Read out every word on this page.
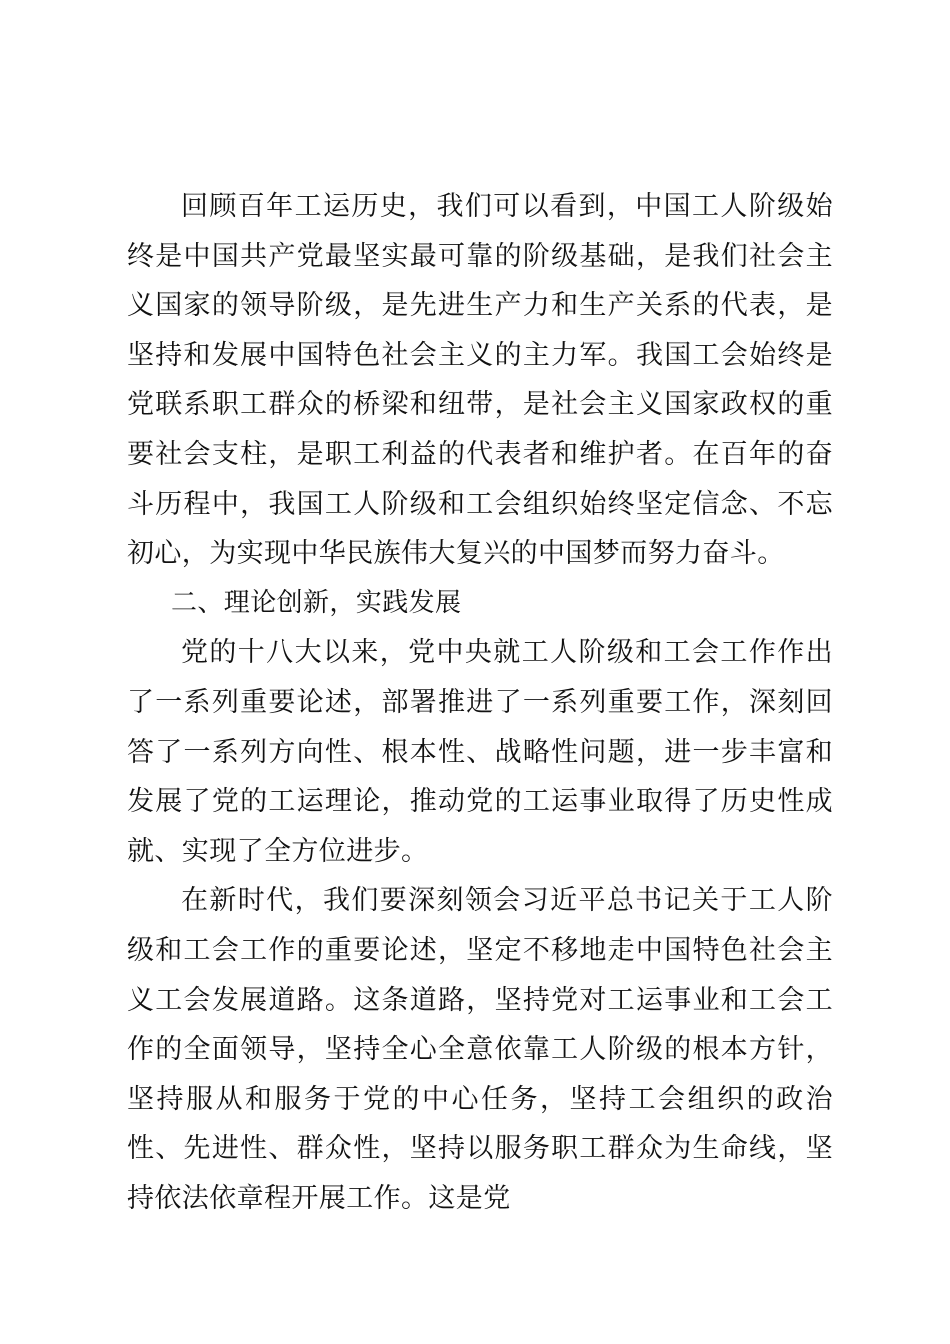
回顾百年工运历史，我们可以看到，中国工人阶级始终是中国共产党最坚实最可靠的阶级基础，是我们社会主义国家的领导阶级，是先进生产力和生产关系的代表，是坚持和发展中国特色社会主义的主力军。我国工会始终是党联系职工群众的桥梁和纽带，是社会主义国家政权的重要社会支柱，是职工利益的代表者和维护者。在百年的奋斗历程中，我国工人阶级和工会组织始终坚定信念、不忘初心，为实现中华民族伟大复兴的中国梦而努力奋斗。

二、理论创新，实践发展

党的十八大以来，党中央就工人阶级和工会工作作出了一系列重要论述，部署推进了一系列重要工作，深刻回答了一系列方向性、根本性、战略性问题，进一步丰富和发展了党的工运理论，推动党的工运事业取得了历史性成就、实现了全方位进步。

在新时代，我们要深刻领会习近平总书记关于工人阶级和工会工作的重要论述，坚定不移地走中国特色社会主义工会发展道路。这条道路，坚持党对工运事业和工会工作的全面领导，坚持全心全意依靠工人阶级的根本方针，坚持服从和服务于党的中心任务，坚持工会组织的政治性、先进性、群众性，坚持以服务职工群众为生命线，坚持依法依章程开展工作。这是党
